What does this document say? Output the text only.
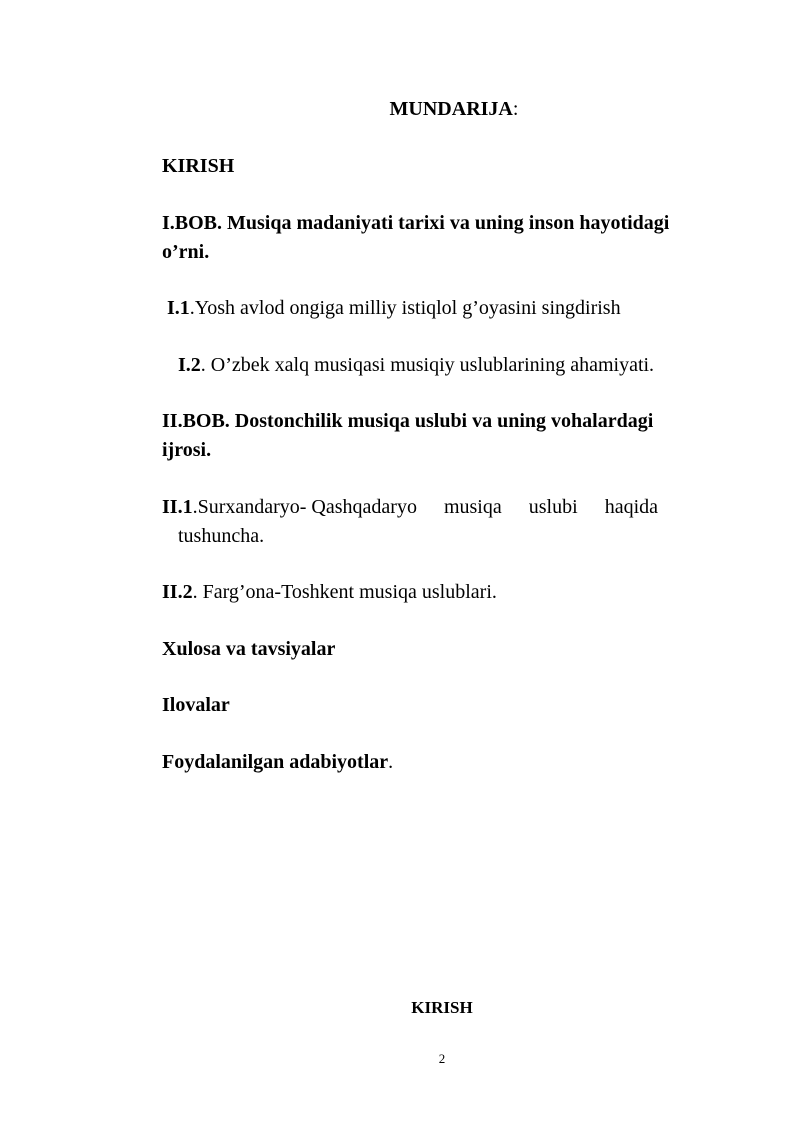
MUNDARIJA:
KIRISH
I.BOB. Musiqa madaniyati tarixi va uning inson hayotidagi
o’rni.
I.1.Yosh avlod ongiga milliy istiqlol g’oyasini singdirish
I.2. O’zbek xalq musiqasi musiqiy uslublarining ahamiyati.
II.BOB. Dostonchilik musiqa uslubi va uning vohalardagi
ijrosi.
II.1.Surxandaryo- Qashqadaryo musiqa uslubi haqida
tushuncha.
II.2. Farg’ona-Toshkent musiqa uslublari.
Xulosa va tavsiyalar
Ilovalar
Foydalanilgan adabiyotlar.
KIRISH
2
